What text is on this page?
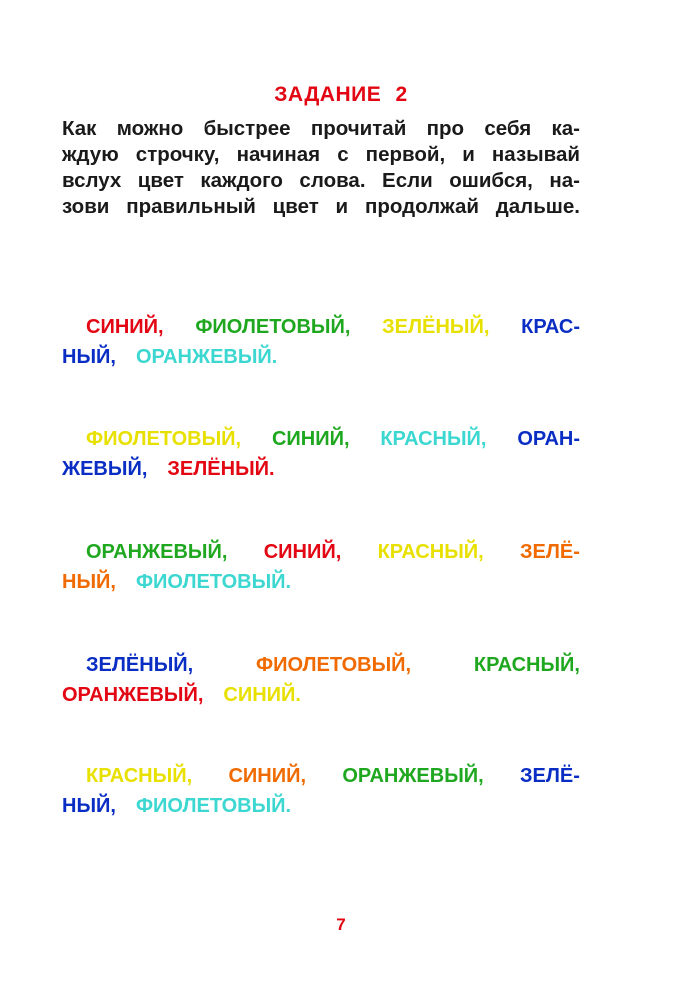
ЗАДАНИЕ 2
Как можно быстрее прочитай про себя ка-
ждую строчку, начиная с первой, и называй
вслух цвет каждого слова. Если ошибся, на-
зови правильный цвет и продолжай дальше.
СИНИЙ, ФИОЛЕТОВЫЙ, ЗЕЛЁНЫЙ, КРАС-
НЫЙ, ОРАНЖЕВЫЙ.
ФИОЛЕТОВЫЙ, СИНИЙ, КРАСНЫЙ, ОРАН-
ЖЕВЫЙ, ЗЕЛЁНЫЙ.
ОРАНЖЕВЫЙ, СИНИЙ, КРАСНЫЙ, ЗЕЛЁ-
НЫЙ, ФИОЛЕТОВЫЙ.
ЗЕЛЁНЫЙ,	ФИОЛЕТОВЫЙ,	КРАСНЫЙ,
ОРАНЖЕВЫЙ, СИНИЙ.
КРАСНЫЙ, СИНИЙ, ОРАНЖЕВЫЙ, ЗЕЛЁ-
НЫЙ, ФИОЛЕТОВЫЙ.
7
